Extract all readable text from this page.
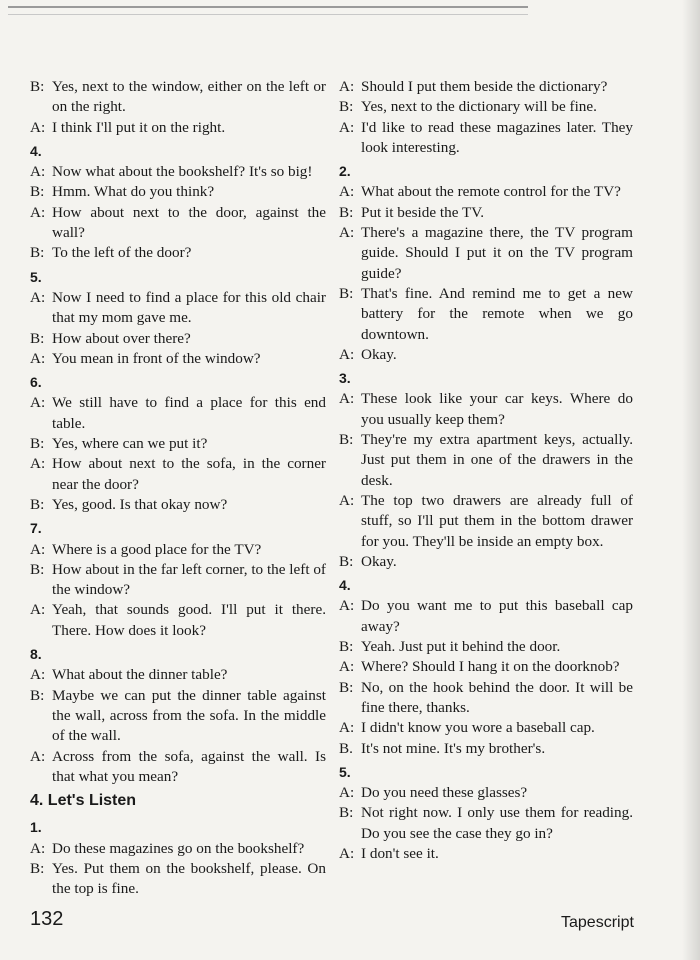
B: Yes, next to the window, either on the left or on the right.
A: I think I'll put it on the right.
4.
A: Now what about the bookshelf? It's so big!
B: Hmm. What do you think?
A: How about next to the door, against the wall?
B: To the left of the door?
5.
A: Now I need to find a place for this old chair that my mom gave me.
B: How about over there?
A: You mean in front of the window?
6.
A: We still have to find a place for this end table.
B: Yes, where can we put it?
A: How about next to the sofa, in the corner near the door?
B: Yes, good. Is that okay now?
7.
A: Where is a good place for the TV?
B: How about in the far left corner, to the left of the window?
A: Yeah, that sounds good. I'll put it there. There. How does it look?
8.
A: What about the dinner table?
B: Maybe we can put the dinner table against the wall, across from the sofa. In the middle of the wall.
A: Across from the sofa, against the wall. Is that what you mean?
4. Let's Listen
1.
A: Do these magazines go on the bookshelf?
B: Yes. Put them on the bookshelf, please. On the top is fine.
A: Should I put them beside the dictionary?
B: Yes, next to the dictionary will be fine.
A: I'd like to read these magazines later. They look interesting.
2.
A: What about the remote control for the TV?
B: Put it beside the TV.
A: There's a magazine there, the TV program guide. Should I put it on the TV program guide?
B: That's fine. And remind me to get a new battery for the remote when we go downtown.
A: Okay.
3.
A: These look like your car keys. Where do you usually keep them?
B: They're my extra apartment keys, actually. Just put them in one of the drawers in the desk.
A: The top two drawers are already full of stuff, so I'll put them in the bottom drawer for you. They'll be inside an empty box.
B: Okay.
4.
A: Do you want me to put this baseball cap away?
B: Yeah. Just put it behind the door.
A: Where? Should I hang it on the doorknob?
B: No, on the hook behind the door. It will be fine there, thanks.
A: I didn't know you wore a baseball cap.
B. It's not mine. It's my brother's.
5.
A: Do you need these glasses?
B: Not right now. I only use them for reading. Do you see the case they go in?
A: I don't see it.
132	Tapescript
